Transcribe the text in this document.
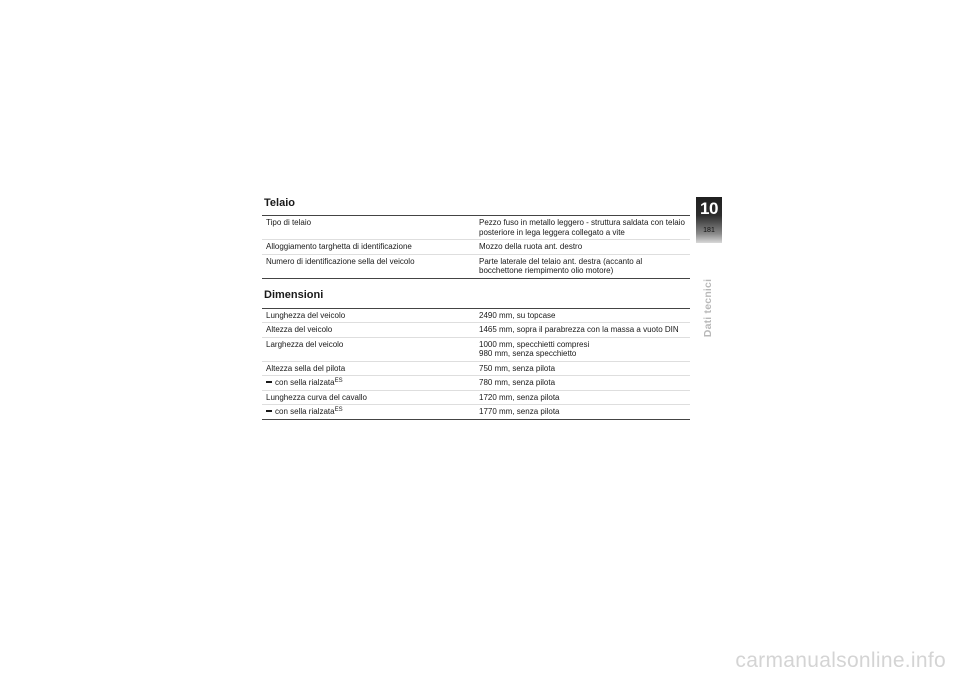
Telaio
Tipo di telaio	Pezzo fuso in metallo leggero - struttura saldata con telaio posteriore in lega leggera collegato a vite
Alloggiamento targhetta di identificazione	Mozzo della ruota ant. destro
Numero di identificazione sella del veicolo	Parte laterale del telaio ant. destra (accanto al bocchettone riempimento olio motore)
Dimensioni
Lunghezza del veicolo	2490 mm, su topcase
Altezza del veicolo	1465 mm, sopra il parabrezza con la massa a vuoto DIN
Larghezza del veicolo	1000 mm, specchietti compresi
980 mm, senza specchietto

Altezza sella del pilota	750 mm, senza pilota
con sella rialzata$^{ES}$	780 mm, senza pilota
Lunghezza curva del cavallo	1720 mm, senza pilota
con sella rialzata$^{ES}$	1770 mm, senza pilota
10
181
Dati tecnici
carmanualsonline.info
